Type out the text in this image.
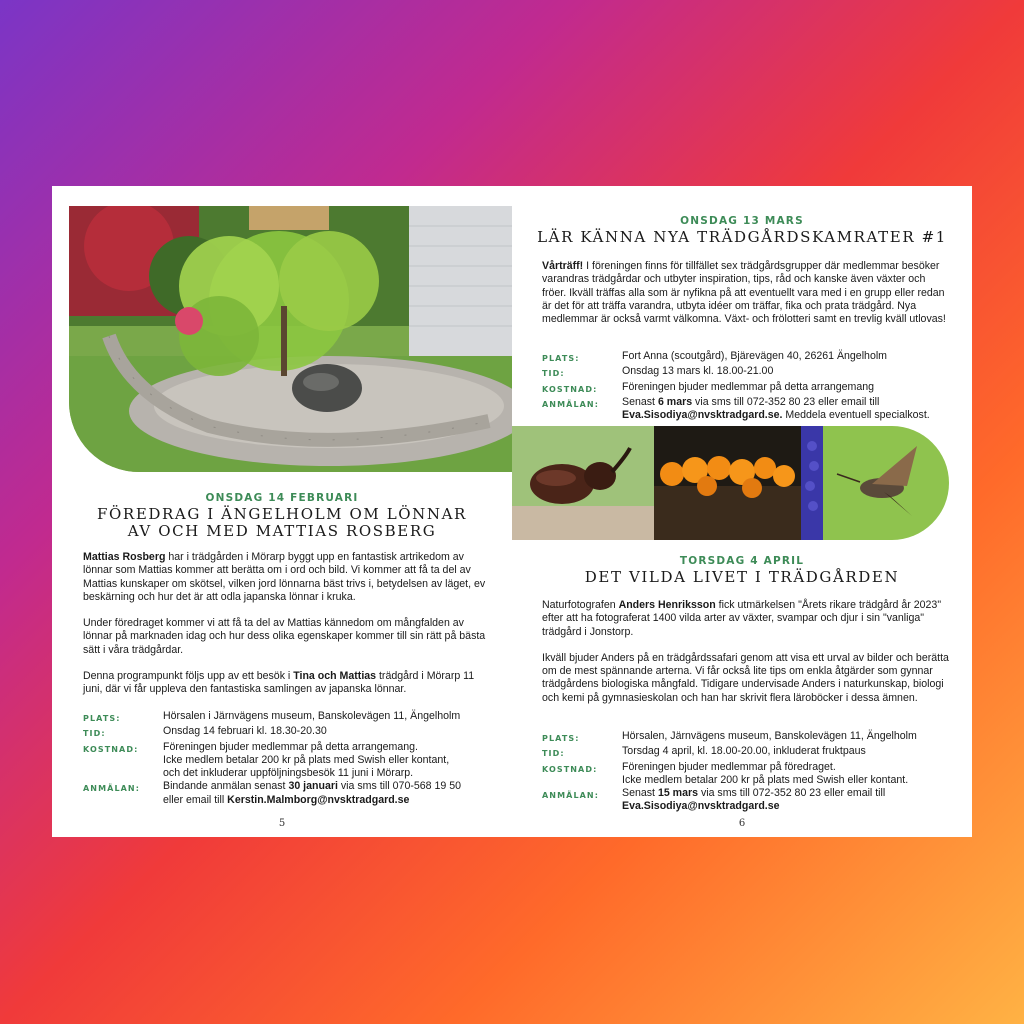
ONSDAG 14 FEBRUARI
FÖREDRAG I ÄNGELHOLM OM LÖNNAR
AV OCH MED MATTIAS ROSBERG

Mattias Rosberg har i trädgården i Mörarp byggt upp en fantastisk artrikedom av lönnar som Mattias kommer att berätta om i ord och bild. Vi kommer att få ta del av Mattias kunskaper om skötsel, vilken jord lönnarna bäst trivs i, betydelsen av läget, ev beskärning och hur det är att odla japanska lönnar i kruka.

Under föredraget kommer vi att få ta del av Mattias kännedom om mångfalden av lönnar på marknaden idag och hur dess olika egenskaper kommer till sin rätt på bästa sätt i våra trädgårdar.

Denna programpunkt följs upp av ett besök i Tina och Mattias trädgård i Mörarp 11 juni, där vi får uppleva den fantastiska samlingen av japanska lönnar.

PLATS:	Hörsalen i Järnvägens museum, Banskolevägen 11, Ängelholm
TID:	Onsdag 14 februari kl. 18.30-20.30
KOSTNAD:	Föreningen bjuder medlemmar på detta arrangemang.
Icke medlem betalar 200 kr på plats med Swish eller kontant,
och det inkluderar uppföljningsbesök 11 juni i Mörarp.
ANMÄLAN:	Bindande anmälan senast 30 januari via sms till 070-568 19 50
eller email till Kerstin.Malmborg@nvsktradgard.se
5
ONSDAG 13 MARS
LÄR KÄNNA NYA TRÄDGÅRDSKAMRATER #1

Vårträff! I föreningen finns för tillfället sex trädgårdsgrupper där medlemmar besöker varandras trädgårdar och utbyter inspiration, tips, råd och kanske även växter och fröer. Ikväll träffas alla som är nyfikna på att eventuellt vara med i en grupp eller redan är det för att träffa varandra, utbyta idéer om träffar, fika och prata trädgård. Nya medlemmar är också varmt välkomna. Växt- och frölotteri samt en trevlig kväll utlovas!

PLATS:	Fort Anna (scoutgård), Bjärevägen 40, 26261 Ängelholm
TID:	Onsdag 13 mars kl. 18.00-21.00
KOSTNAD:	Föreningen bjuder medlemmar på detta arrangemang
ANMÄLAN:	Senast 6 mars via sms till 072-352 80 23 eller email till
Eva.Sisodiya@nvsktradgard.se. Meddela eventuell specialkost.
TORSDAG 4 APRIL
DET VILDA LIVET I TRÄDGÅRDEN

Naturfotografen Anders Henriksson fick utmärkelsen "Årets rikare trädgård år 2023" efter att ha fotograferat 1400 vilda arter av växter, svampar och djur i sin "vanliga" trädgård i Jonstorp.

Ikväll bjuder Anders på en trädgårdssafari genom att visa ett urval av bilder och berätta om de mest spännande arterna. Vi får också lite tips om enkla åtgärder som gynnar trädgårdens biologiska mångfald. Tidigare undervisade Anders i naturkunskap, biologi och kemi på gymnasieskolan och han har skrivit flera läroböcker i dessa ämnen.

PLATS:	Hörsalen, Järnvägens museum, Banskolevägen 11, Ängelholm
TID:	Torsdag 4 april, kl. 18.00-20.00, inkluderat fruktpaus
KOSTNAD:	Föreningen bjuder medlemmar på föredraget.
Icke medlem betalar 200 kr på plats med Swish eller kontant.
ANMÄLAN:	Senast 15 mars via sms till 072-352 80 23 eller email till
Eva.Sisodiya@nvsktradgard.se
6
